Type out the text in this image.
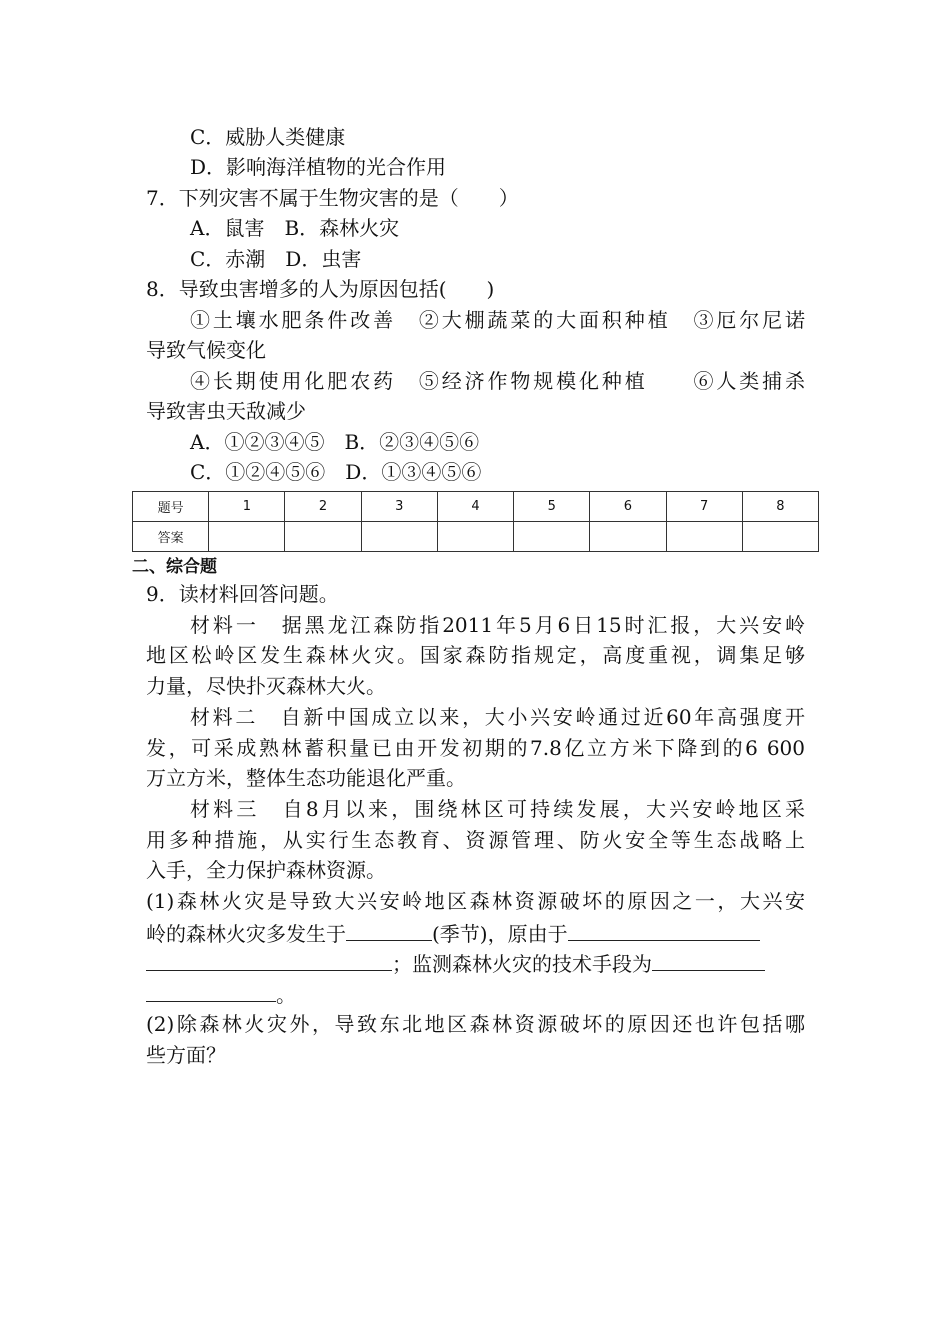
C．威胁人类健康
D．影响海洋植物的光合作用
7．下列灾害不属于生物灾害的是（　　）
A．鼠害　B．森林火灾
C．赤潮　D．虫害
8．导致虫害增多的人为原因包括(　　)
①土壤水肥条件改善　②大棚蔬菜的大面积种植　③厄尔尼诺
导致气候变化
④长期使用化肥农药　⑤经济作物规模化种植　　⑥人类捕杀
导致害虫天敌减少
A．①②③④⑤　B．②③④⑤⑥
C．①②④⑤⑥　D．①③④⑤⑥
题号	1	2	3	4	5	6	7	8
答案								
二、综合题
9．读材料回答问题。
材料一　据黑龙江森防指2011年5月6日15时汇报，大兴安岭
地区松岭区发生森林火灾。国家森防指规定，高度重视，调集足够
力量，尽快扑灭森林大火。
材料二　自新中国成立以来，大小兴安岭通过近60年高强度开
发，可采成熟林蓄积量已由开发初期的7.8亿立方米下降到的6 600
万立方米，整体生态功能退化严重。
材料三　自8月以来，围绕林区可持续发展，大兴安岭地区采
用多种措施，从实行生态教育、资源管理、防火安全等生态战略上
入手，全力保护森林资源。
(1)森林火灾是导致大兴安岭地区森林资源破坏的原因之一，大兴安
岭的森林火灾多发生于	(季节)，原由于
；监测森林火灾的技术手段为
。
(2)除森林火灾外，导致东北地区森林资源破坏的原因还也许包括哪
些方面？
